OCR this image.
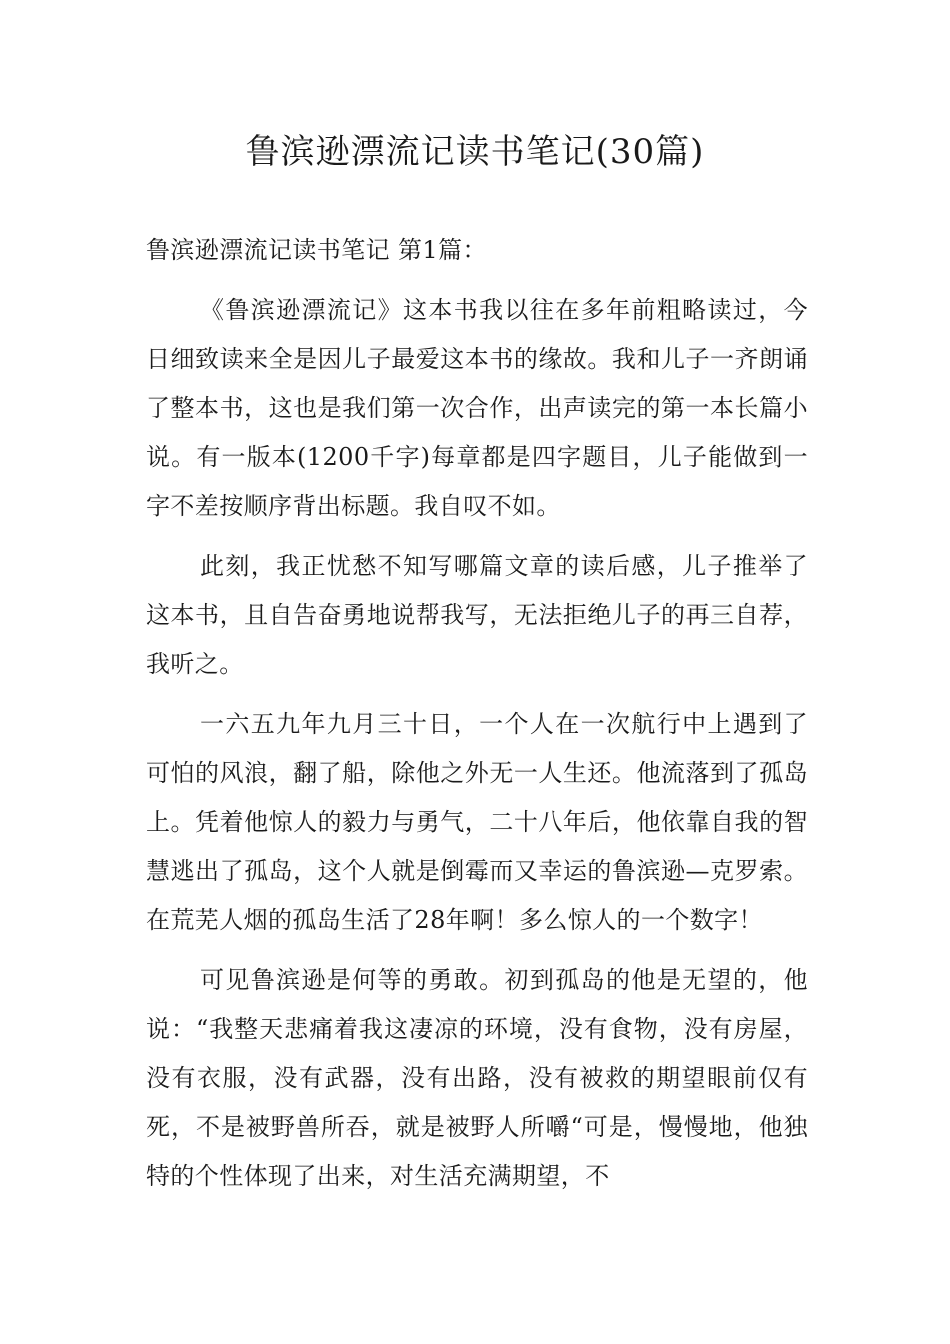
鲁滨逊漂流记读书笔记(30篇)

鲁滨逊漂流记读书笔记 第1篇：

《鲁滨逊漂流记》这本书我以往在多年前粗略读过，今日细致读来全是因儿子最爱这本书的缘故。我和儿子一齐朗诵了整本书，这也是我们第一次合作，出声读完的第一本长篇小说。有一版本(1200千字)每章都是四字题目，儿子能做到一字不差按顺序背出标题。我自叹不如。

此刻，我正忧愁不知写哪篇文章的读后感，儿子推举了这本书，且自告奋勇地说帮我写，无法拒绝儿子的再三自荐，我听之。

一六五九年九月三十日，一个人在一次航行中上遇到了可怕的风浪，翻了船，除他之外无一人生还。他流落到了孤岛上。凭着他惊人的毅力与勇气，二十八年后，他依靠自我的智慧逃出了孤岛，这个人就是倒霉而又幸运的鲁滨逊—克罗索。在荒芜人烟的孤岛生活了28年啊！多么惊人的一个数字！

可见鲁滨逊是何等的勇敢。初到孤岛的他是无望的，他说：“我整天悲痛着我这凄凉的环境，没有食物，没有房屋，没有衣服，没有武器，没有出路，没有被救的期望眼前仅有死，不是被野兽所吞，就是被野人所嚼“可是，慢慢地，他独特的个性体现了出来，对生活充满期望，不
